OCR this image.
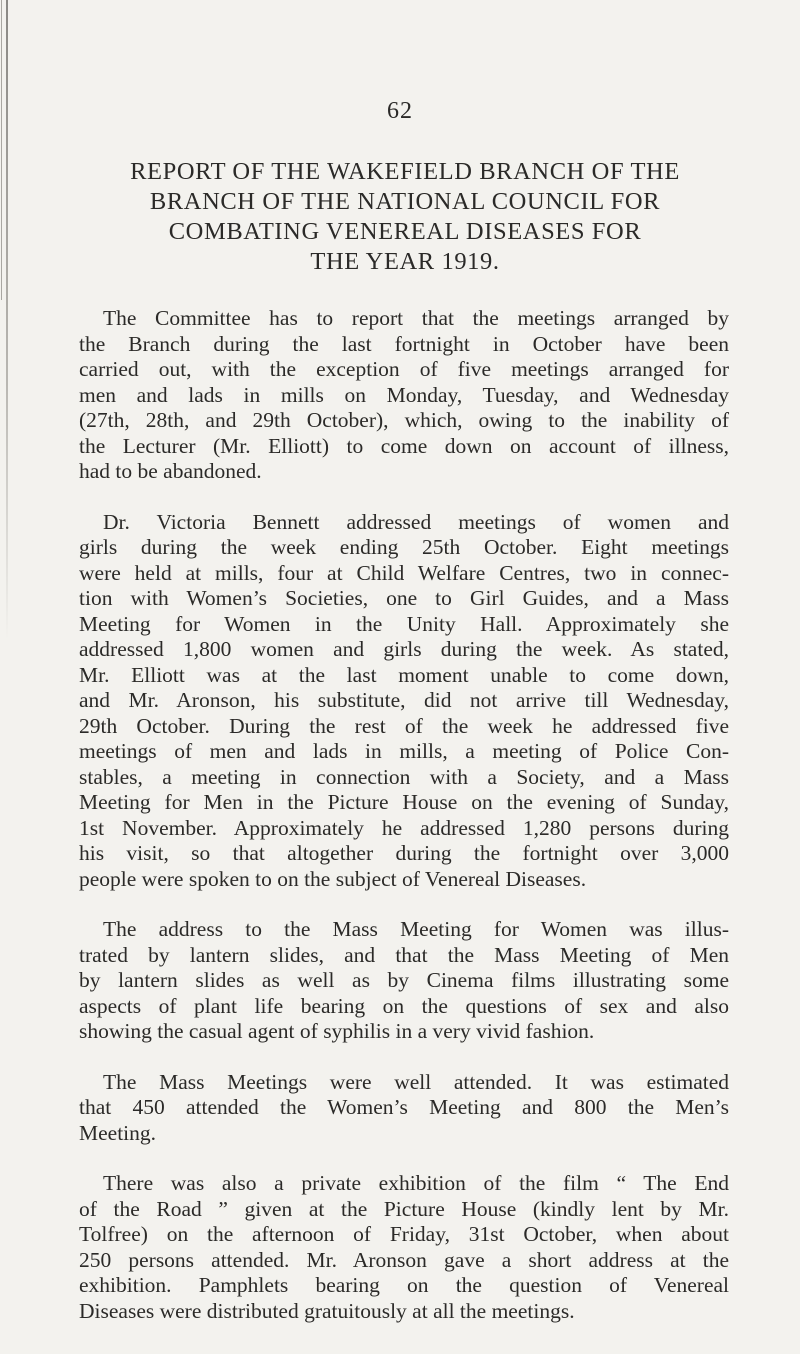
62
REPORT OF THE WAKEFIELD BRANCH OF THE
BRANCH OF THE NATIONAL COUNCIL FOR
COMBATING VENEREAL DISEASES FOR
THE YEAR 1919.

The Committee has to report that the meetings arranged by
the Branch during the last fortnight in October have been
carried out, with the exception of five meetings arranged for
men and lads in mills on Monday, Tuesday, and Wednesday
(27th, 28th, and 29th October), which, owing to the inability of
the Lecturer (Mr. Elliott) to come down on account of illness,
had to be abandoned.

Dr. Victoria Bennett addressed meetings of women and
girls during the week ending 25th October. Eight meetings
were held at mills, four at Child Welfare Centres, two in connec-
tion with Women’s Societies, one to Girl Guides, and a Mass
Meeting for Women in the Unity Hall. Approximately she
addressed 1,800 women and girls during the week. As stated,
Mr. Elliott was at the last moment unable to come down,
and Mr. Aronson, his substitute, did not arrive till Wednesday,
29th October. During the rest of the week he addressed five
meetings of men and lads in mills, a meeting of Police Con-
stables, a meeting in connection with a Society, and a Mass
Meeting for Men in the Picture House on the evening of Sunday,
1st November. Approximately he addressed 1,280 persons during
his visit, so that altogether during the fortnight over 3,000
people were spoken to on the subject of Venereal Diseases.

The address to the Mass Meeting for Women was illus-
trated by lantern slides, and that the Mass Meeting of Men
by lantern slides as well as by Cinema films illustrating some
aspects of plant life bearing on the questions of sex and also
showing the casual agent of syphilis in a very vivid fashion.

The Mass Meetings were well attended. It was estimated
that 450 attended the Women’s Meeting and 800 the Men’s
Meeting.

There was also a private exhibition of the film “ The End
of the Road ” given at the Picture House (kindly lent by Mr.
Tolfree) on the afternoon of Friday, 31st October, when about
250 persons attended. Mr. Aronson gave a short address at the
exhibition. Pamphlets bearing on the question of Venereal
Diseases were distributed gratuitously at all the meetings.
